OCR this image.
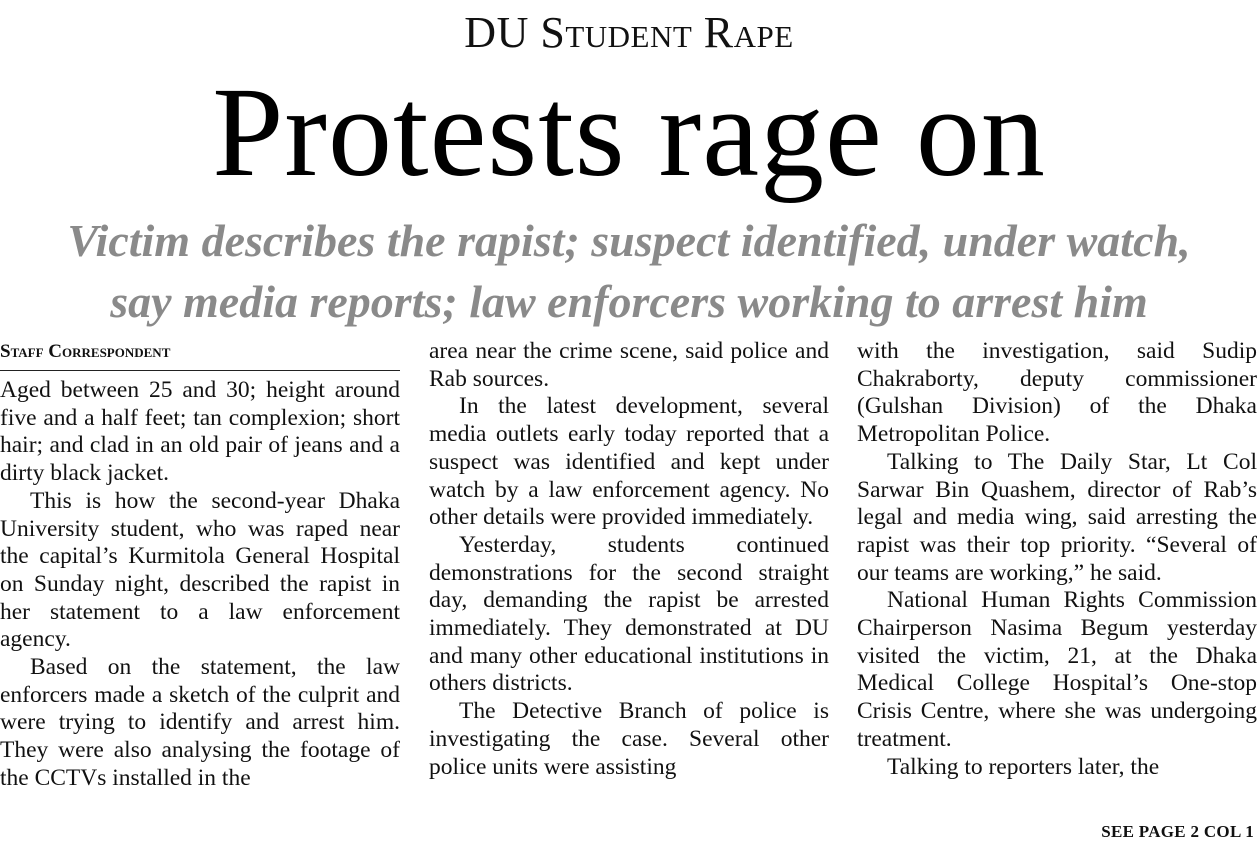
DU Student Rape
Protests rage on
Victim describes the rapist; suspect identified, under watch,
say media reports; law enforcers working to arrest him
Staff Correspondent

Aged between 25 and 30; height around five and a half feet; tan complexion; short hair; and clad in an old pair of jeans and a dirty black jacket.

This is how the second-year Dhaka University student, who was raped near the capital’s Kurmitola General Hospital on Sunday night, described the rapist in her statement to a law enforcement agency.

Based on the statement, the law enforcers made a sketch of the culprit and were trying to identify and arrest him. They were also analysing the footage of the CCTVs installed in the

area near the crime scene, said police and Rab sources.

In the latest development, several media outlets early today reported that a suspect was identified and kept under watch by a law enforcement agency. No other details were provided immediately.

Yesterday, students continued demonstrations for the second straight day, demanding the rapist be arrested immediately. They demonstrated at DU and many other educational institutions in others districts.

The Detective Branch of police is investigating the case. Several other police units were assisting

with the investigation, said Sudip Chakraborty, deputy commissioner (Gulshan Division) of the Dhaka Metropolitan Police.

Talking to The Daily Star, Lt Col Sarwar Bin Quashem, director of Rab’s legal and media wing, said arresting the rapist was their top priority. “Several of our teams are working,” he said.

National Human Rights Commission Chairperson Nasima Begum yesterday visited the victim, 21, at the Dhaka Medical College Hospital’s One-stop Crisis Centre, where she was undergoing treatment.

Talking to reporters later, the

SEE PAGE 2 COL 1
